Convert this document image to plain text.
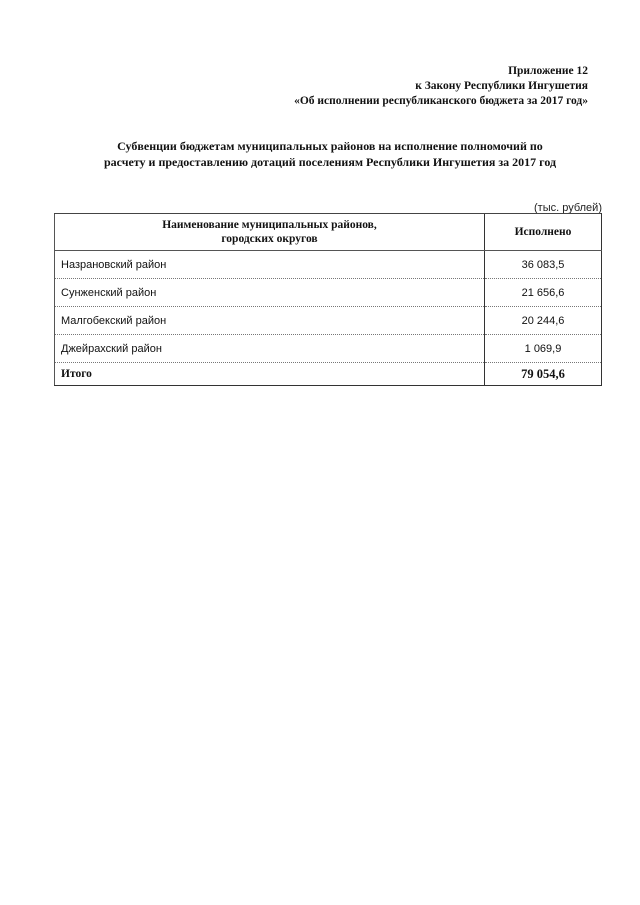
Приложение 12
к Закону Республики Ингушетия
«Об исполнении республиканского бюджета за 2017 год»
Субвенции бюджетам муниципальных районов на исполнение полномочий по
расчету и предоставлению дотаций поселениям Республики Ингушетия за 2017 год
(тыс. рублей)
Наименование муниципальных районов,
городских округов	Исполнено
Назрановский район	36 083,5
Сунженский район	21 656,6
Малгобекский район	20 244,6
Джейрахский район	1 069,9
Итого	79 054,6
